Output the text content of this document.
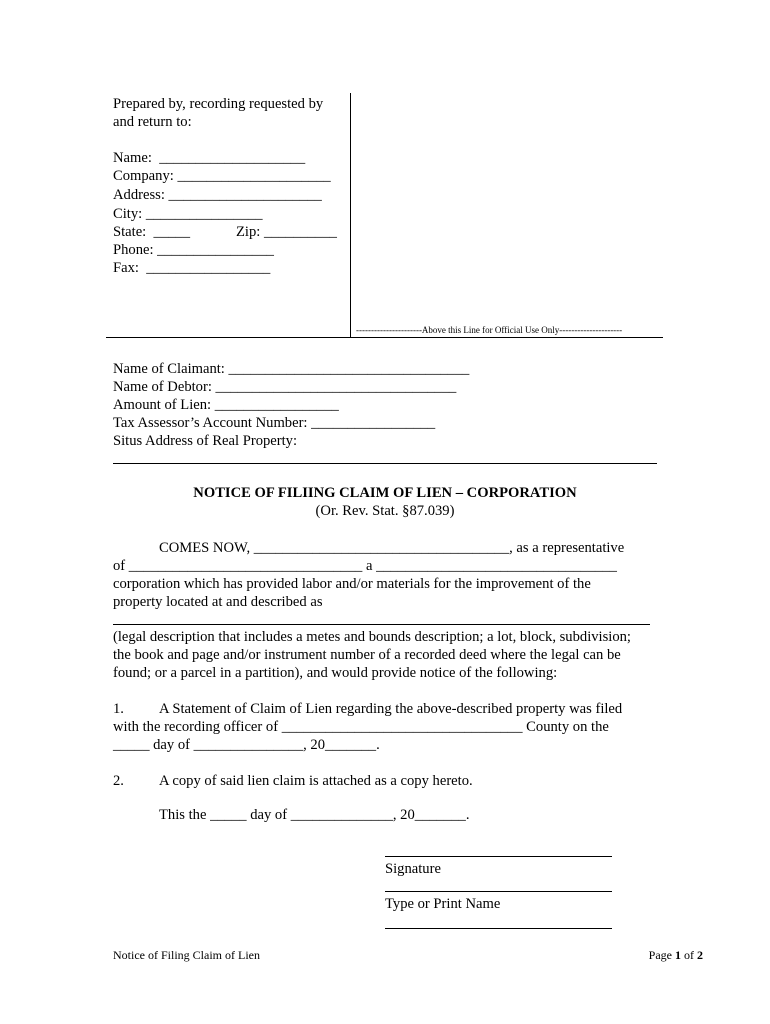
Prepared by, recording requested by
and return to:
Name:  ____________________
Company: _____________________
Address: _____________________
City: ________________
State:  _____	Zip: __________
Phone: ________________
Fax:  _________________
----------------------Above this Line for Official Use Only---------------------
Name of Claimant: _________________________________
Name of Debtor: _________________________________
Amount of Lien: _________________
Tax Assessor’s Account Number: _________________
Situs Address of Real Property:
NOTICE OF FILIING CLAIM OF LIEN – CORPORATION
(Or. Rev. Stat. §87.039)
COMES NOW, ___________________________________, as a representative
of ________________________________ a _________________________________
corporation which has provided labor and/or materials for the improvement of the
property located at and described as
(legal description that includes a metes and bounds description; a lot, block, subdivision;
the book and page and/or instrument number of a recorded deed where the legal can be
found; or a parcel in a partition), and would provide notice of the following:
1. A Statement of Claim of Lien regarding the above-described property was filed
with the recording officer of _________________________________ County on the
_____ day of _______________, 20_______.
2. A copy of said lien claim is attached as a copy hereto.
This the _____ day of ______________, 20_______.
Signature
Type or Print Name
Notice of Filing Claim of Lien	Page 1 of 2
